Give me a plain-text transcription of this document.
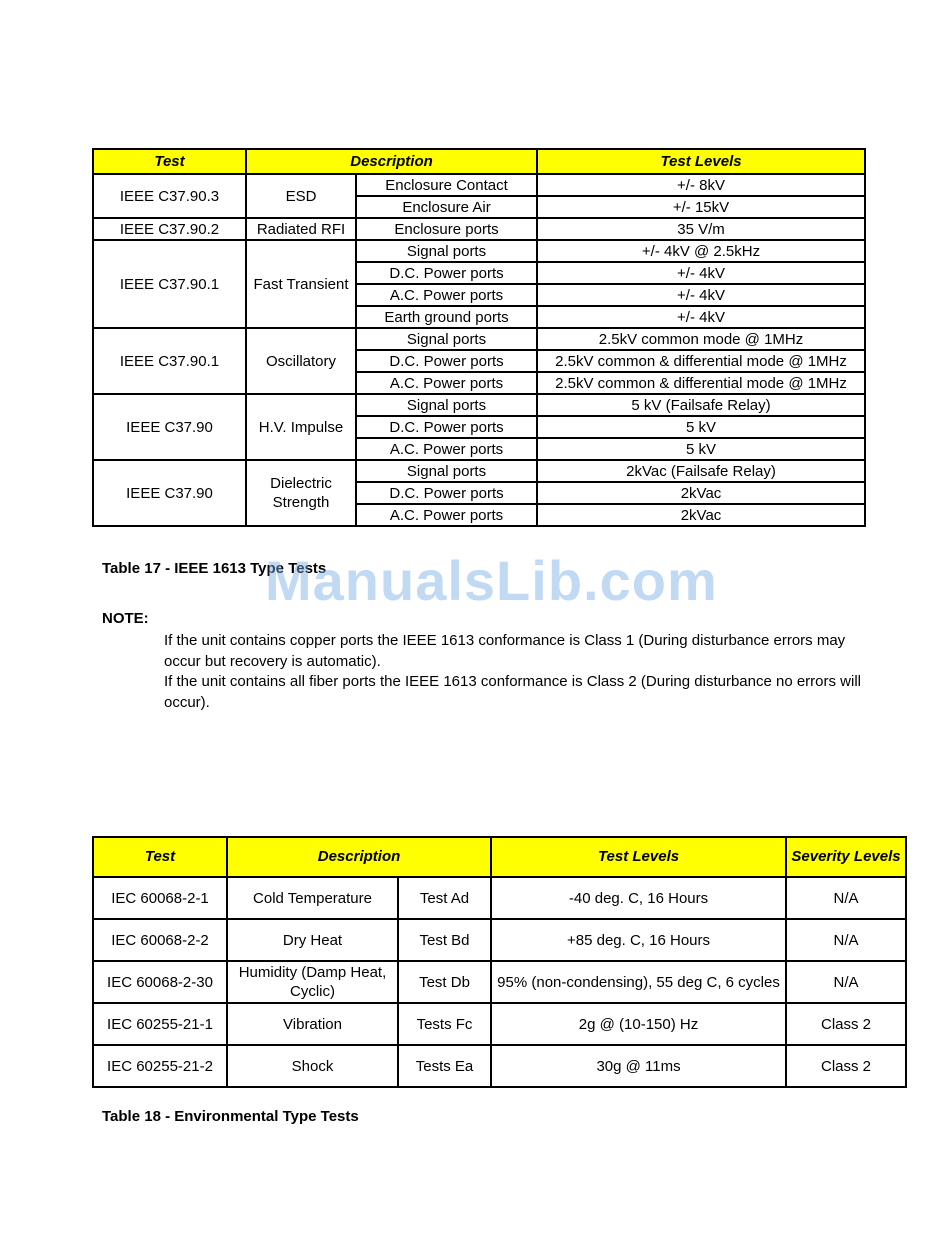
Test	Description		Test Levels
IEEE C37.90.3	ESD	Enclosure Contact	+/- 8kV
		Enclosure Air	+/- 15kV
IEEE C37.90.2	Radiated RFI	Enclosure ports	35 V/m
IEEE C37.90.1	Fast Transient	Signal ports	+/- 4kV @ 2.5kHz
		D.C. Power ports	+/- 4kV
		A.C. Power ports	+/- 4kV
		Earth ground ports	+/- 4kV
IEEE C37.90.1	Oscillatory	Signal ports	2.5kV common mode @ 1MHz
		D.C. Power ports	2.5kV common & differential mode @ 1MHz
		A.C. Power ports	2.5kV common & differential mode @ 1MHz
IEEE C37.90	H.V. Impulse	Signal ports	5 kV (Failsafe Relay)
		D.C. Power ports	5 kV
		A.C. Power ports	5 kV
IEEE C37.90	Dielectric Strength	Signal ports	2kVac (Failsafe Relay)
		D.C. Power ports	2kVac
		A.C. Power ports	2kVac
Table 17 - IEEE 1613 Type Tests
ManualsLib.com
NOTE:

If the unit contains copper ports the IEEE 1613 conformance is Class 1 (During disturbance errors may occur but recovery is automatic).

If the unit contains all fiber ports the IEEE 1613 conformance is Class 2 (During disturbance no errors will occur).

Test	Description		Test Levels	Severity Levels
IEC 60068-2-1	Cold Temperature	Test Ad	-40 deg. C, 16 Hours	N/A
IEC 60068-2-2	Dry Heat	Test Bd	+85 deg. C, 16 Hours	N/A
IEC 60068-2-30	Humidity (Damp Heat, Cyclic)	Test Db	95% (non-condensing), 55 deg C, 6 cycles	N/A
IEC 60255-21-1	Vibration	Tests Fc	2g @ (10-150) Hz	Class 2
IEC 60255-21-2	Shock	Tests Ea	30g @ 11ms	Class 2
Table 18 - Environmental Type Tests
